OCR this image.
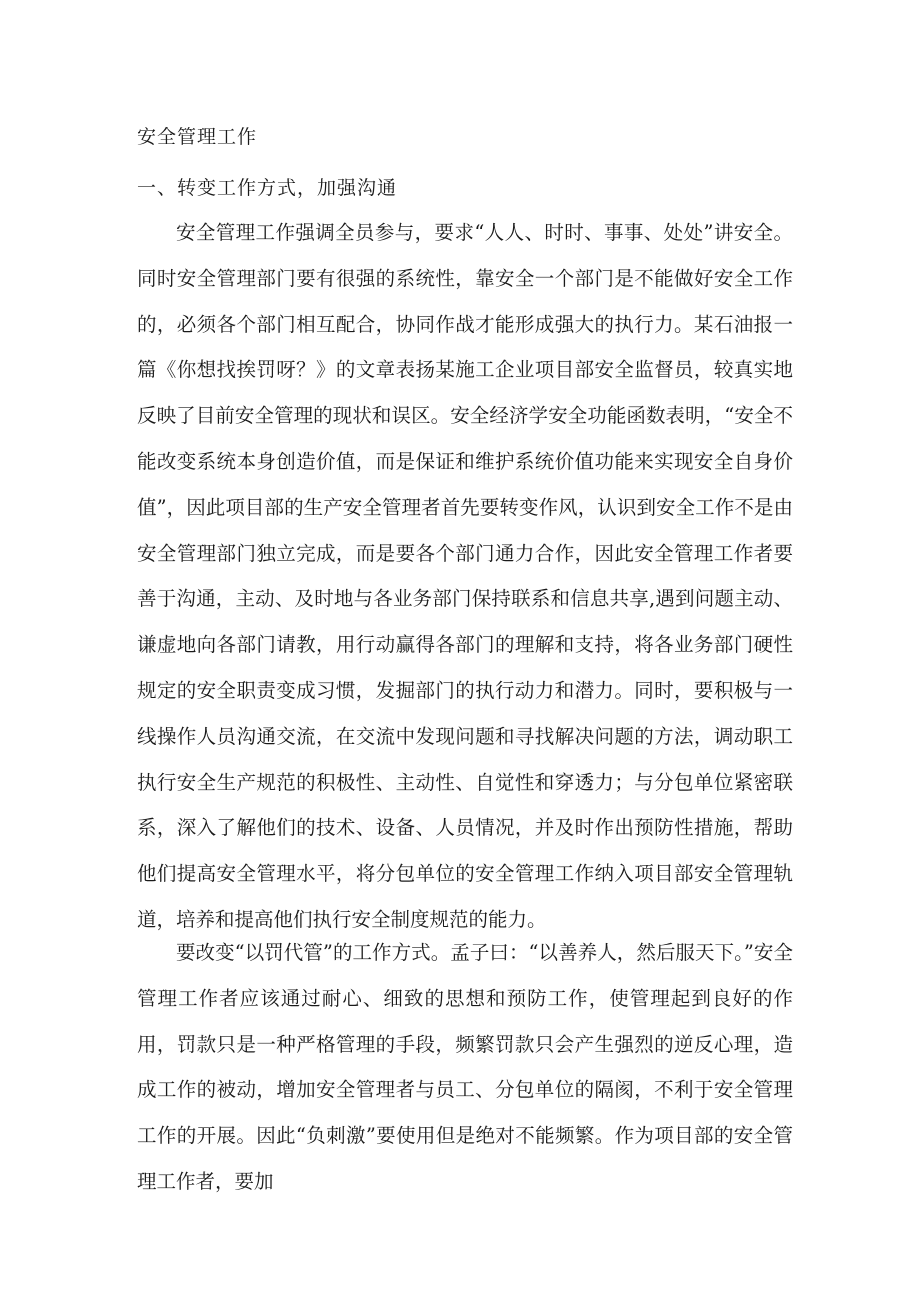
安全管理工作

一、转变工作方式，加强沟通

安全管理工作强调全员参与，要求“人人、时时、事事、处处”讲安全。同时安全管理部门要有很强的系统性，靠安全一个部门是不能做好安全工作的，必须各个部门相互配合，协同作战才能形成强大的执行力。某石油报一篇《你想找挨罚呀？》的文章表扬某施工企业项目部安全监督员，较真实地反映了目前安全管理的现状和误区。安全经济学安全功能函数表明，“安全不能改变系统本身创造价值，而是保证和维护系统价值功能来实现安全自身价值”，因此项目部的生产安全管理者首先要转变作风，认识到安全工作不是由安全管理部门独立完成，而是要各个部门通力合作，因此安全管理工作者要善于沟通，主动、及时地与各业务部门保持联系和信息共享,遇到问题主动、谦虚地向各部门请教，用行动赢得各部门的理解和支持，将各业务部门硬性规定的安全职责变成习惯，发掘部门的执行动力和潜力。同时，要积极与一线操作人员沟通交流，在交流中发现问题和寻找解决问题的方法，调动职工执行安全生产规范的积极性、主动性、自觉性和穿透力；与分包单位紧密联系，深入了解他们的技术、设备、人员情况，并及时作出预防性措施，帮助他们提高安全管理水平，将分包单位的安全管理工作纳入项目部安全管理轨道，培养和提高他们执行安全制度规范的能力。

要改变“以罚代管”的工作方式。孟子曰：“以善养人，然后服天下。”安全管理工作者应该通过耐心、细致的思想和预防工作，使管理起到良好的作用，罚款只是一种严格管理的手段，频繁罚款只会产生强烈的逆反心理，造成工作的被动，增加安全管理者与员工、分包单位的隔阂，不利于安全管理工作的开展。因此“负刺激”要使用但是绝对不能频繁。作为项目部的安全管理工作者，要加
